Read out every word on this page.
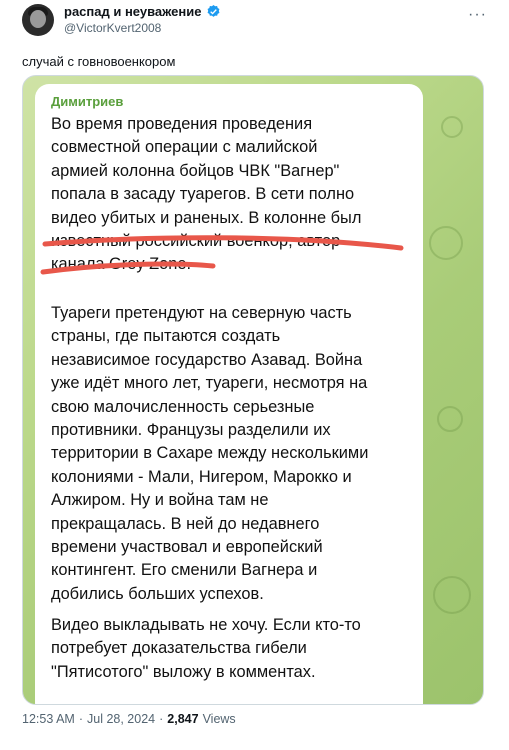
распад и неуважение
@VictorKvert2008
···
случай с говновоенкором
Димитриев
Во время проведения проведения
совместной операции с малийской
армией колонна бойцов ЧВК "Вагнер"
попала в засаду туарегов. В сети полно
видео убитых и раненых. В колонне был
известный российский военкор, автор
канала Grey Zone.
Туареги претендуют на северную часть
страны, где пытаются создать
независимое государство Азавад. Война
уже идёт много лет, туареги, несмотря на
свою малочисленность серьезные
противники. Французы разделили их
территории в Сахаре между несколькими
колониями - Мали, Нигером, Марокко и
Алжиром. Ну и война там не
прекращалась. В ней до недавнего
времени участвовал и европейский
контингент. Его сменили Вагнера и
добились больших успехов.
Видео выкладывать не хочу. Если кто-то
потребует доказательства гибели
"Пятисотого" выложу в комментах.
12:53 AM · Jul 28, 2024 · 2,847 Views
